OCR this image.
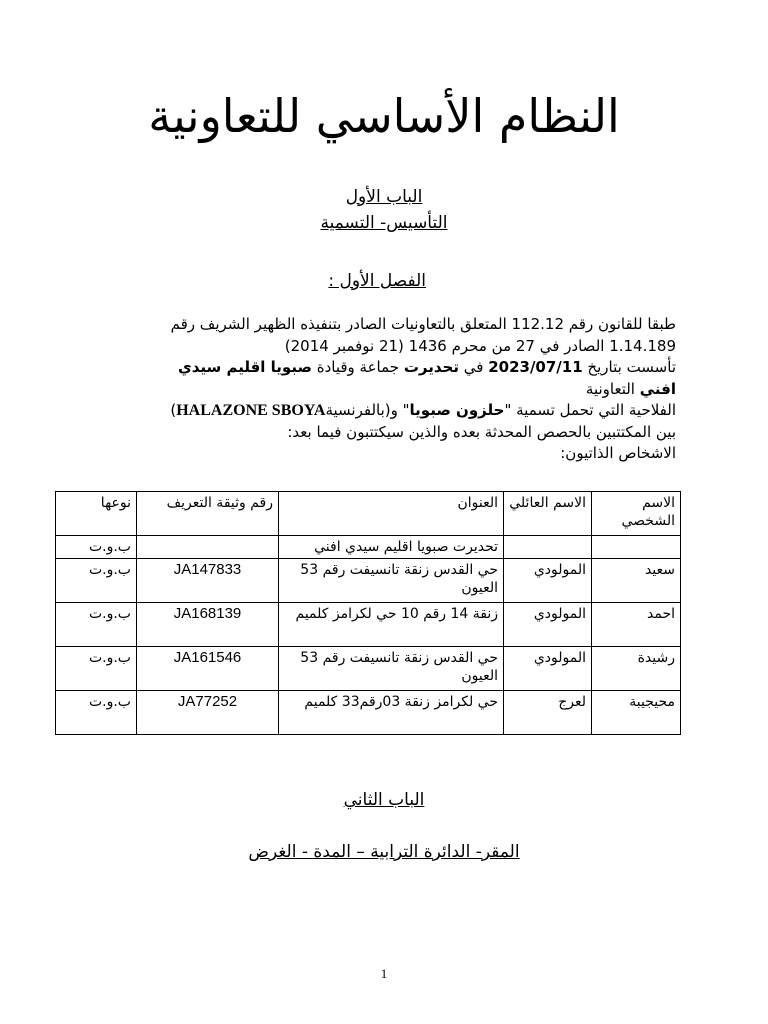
النظام الأساسي للتعاونية
الباب الأول
التأسيس- التسمية
الفصل الأول :

طبقا للقانون رقم 112.12 المتعلق بالتعاونيات الصادر بتنفيذه الظهير الشريف رقم

1.14.189 الصادر في 27 من محرم 1436 (21 نوفمبر 2014)

تأسست بتاريخ 2023/07/11 في تحديرت جماعة وقيادة صبويا اقليم سيدي افني التعاونية

الفلاحية التي تحمل تسمية "حلزون صبويا" و(بالفرنسيةHALAZONE SBOYA)

بين المكتتبين بالحصص المحدثة بعده والذين سيكتتبون فيما بعد:

الاشخاص الذاتيون:

الاسم الشخصي	الاسم العائلي	العنوان	رقم وثيقة التعريف	نوعها
		تحديرت صبويا اقليم سيدي افني		ب.و.ت
سعيد	المولودي	حي القدس زنقة تانسيفت رقم 53 العيون	JA147833	ب.و.ت
احمد	المولودي	زنقة 14 رقم 10 حي لكرامز كلميم	JA168139	ب.و.ت
رشيدة	المولودي	حي القدس زنقة تانسيفت رقم 53 العيون	JA161546	ب.و.ت
محيجيبة	لعرج	حي لكرامز زنقة 03رقم33 كلميم	JA77252	ب.و.ت
الباب الثاني
المقر- الدائرة الترابية – المدة - الغرض
1
